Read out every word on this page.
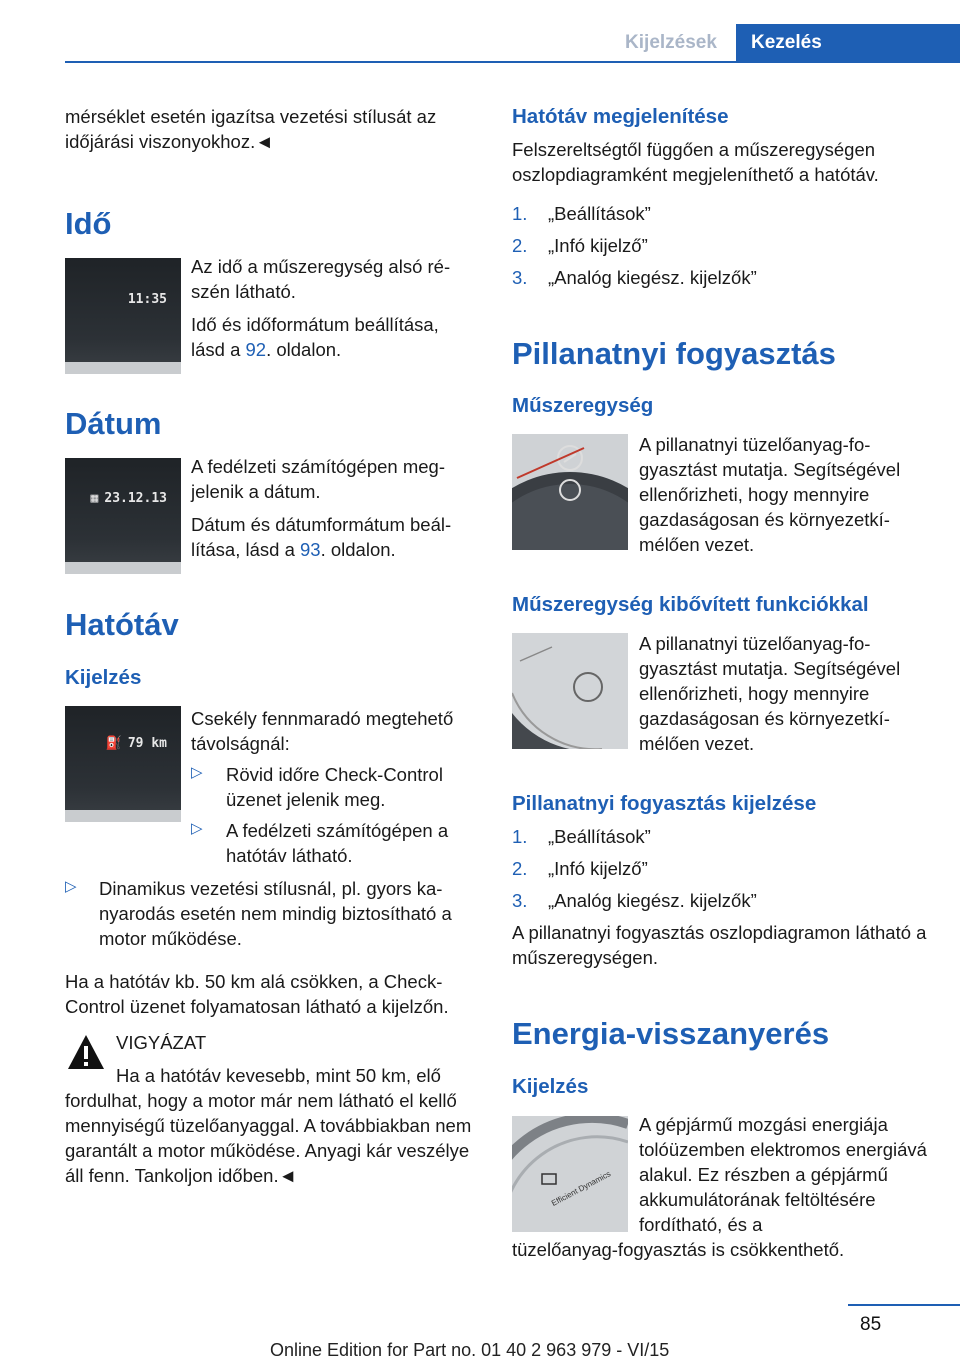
Kijelzések	Kezelés

mérséklet esetén igazítsa vezetési stílusát az időjárási viszonyokhoz.◄

Idő
11:35

Az idő a műszeregység alsó részén látható.

Idő és időformátum beállítása, lásd a 92. oldalon.

Dátum
▦ 23.12.13

A fedélzeti számítógépen megjelenik a dátum.

Dátum és dátumformátum beállítása, lásd a 93. oldalon.

Hatótáv
Kijelzés
⛽ 79 km

Csekély fennmaradó megtehető távolságnál:

▷ Rövid időre Check-Control üzenet jelenik meg.

▷ A fedélzeti számítógépen a hatótáv látható.

▷ Dinamikus vezetési stílusnál, pl. gyors kanyarodás esetén nem mindig biztosítható a motor működése.

Ha a hatótáv kb. 50 km alá csökken, a Check-Control üzenet folyamatosan látható a kijelzőn.

VIGYÁZAT

Ha a hatótáv kevesebb, mint 50 km, elő

fordulhat, hogy a motor már nem látható el kellő mennyiségű tüzelőanyaggal. A továbbiakban nem garantált a motor működése. Anyagi kár veszélye áll fenn. Tankoljon időben.◄

Hatótáv megjelenítése

Felszereltségtől függően a műszeregységen oszlopdiagramként megjeleníthető a hatótáv.

1. „Beállítások”
2. „Infó kijelző”
3. „Analóg kiegész. kijelzők”
Pillanatnyi fogyasztás
Műszeregység

A pillanatnyi tüzelőanyag-fogyasztást mutatja. Segítségével ellenőrizheti, hogy mennyire gazdaságosan és környezetkímélően vezet.

Műszeregység kibővített funkciókkal

A pillanatnyi tüzelőanyag-fogyasztást mutatja. Segítségével ellenőrizheti, hogy mennyire gazdaságosan és környezetkímélően vezet.

Pillanatnyi fogyasztás kijelzése
1. „Beállítások”
2. „Infó kijelző”
3. „Analóg kiegész. kijelzők”

A pillanatnyi fogyasztás oszlopdiagramon látható a műszeregységen.

Energia-visszanyerés
Kijelzés
Efficient Dynamics

A gépjármű mozgási energiája tolóüzemben elektromos energiává alakul. Ez részben a gépjármű akkumulátorának feltöltésére fordítható, és a

tüzelőanyag-fogyasztás is csökkenthető.

85
Online Edition for Part no. 01 40 2 963 979 - VI/15
